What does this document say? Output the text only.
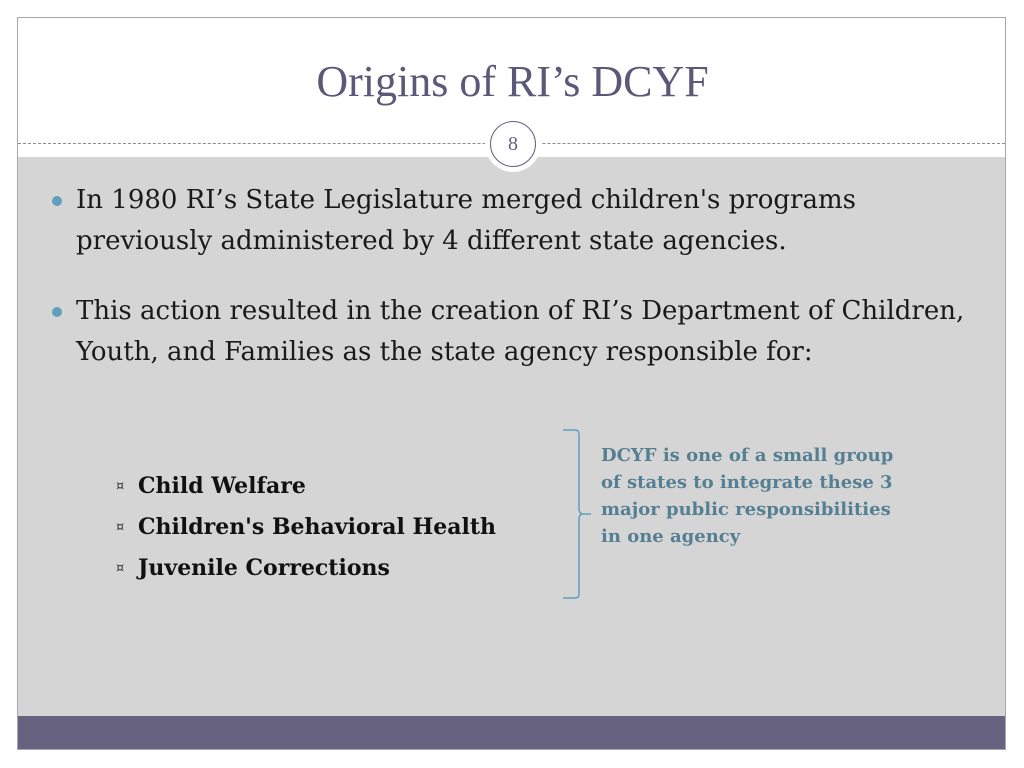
Origins of RI’s DCYF
8
In 1980 RI’s State Legislature merged children's programs previously administered by 4 different state agencies.
This action resulted in the creation of RI’s Department of Children, Youth, and Families as the state agency responsible for:
¤ Child Welfare
¤ Children's Behavioral Health
¤ Juvenile Corrections
DCYF is one of a small group of states to integrate these 3 major public responsibilities in one agency
